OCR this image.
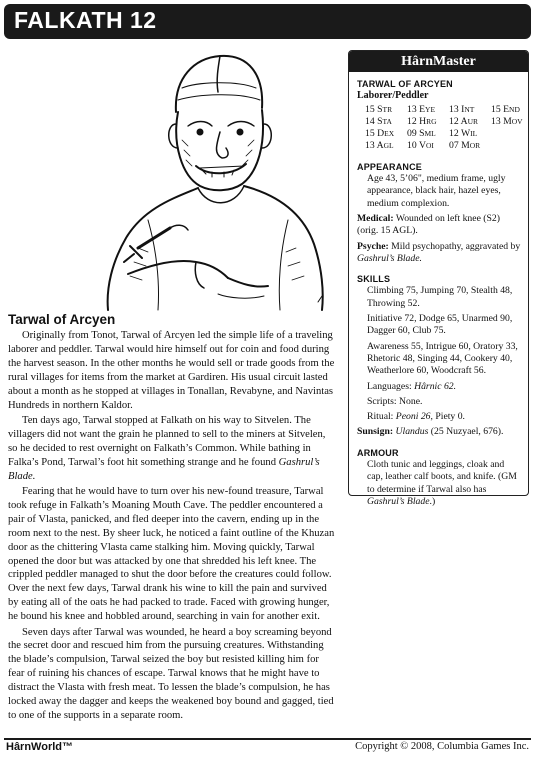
FALKATH 12
Tarwal of Arcyen

Originally from Tonot, Tarwal of Arcyen led the simple life of a traveling laborer and peddler. Tarwal would hire himself out for coin and food during the harvest season. In the other months he would sell or trade goods from the rural villages for items from the market at Gardiren. His usual circuit lasted about a month as he stopped at villages in Tonallan, Revabyne, and Navintas Hundreds in northern Kaldor.

Ten days ago, Tarwal stopped at Falkath on his way to Sitvelen. The villagers did not want the grain he planned to sell to the miners at Sitvelen, so he decided to rest overnight on Falkath’s Common. While bathing in Falka’s Pond, Tarwal’s foot hit something strange and he found Gashrul’s Blade.

Fearing that he would have to turn over his new-found treasure, Tarwal took refuge in Falkath’s Moaning Mouth Cave. The peddler encountered a pair of Vlasta, panicked, and fled deeper into the cavern, ending up in the room next to the nest. By sheer luck, he noticed a faint outline of the Khuzan door as the chittering Vlasta came stalking him. Moving quickly, Tarwal opened the door but was attacked by one that shredded his left knee. The crippled peddler managed to shut the door before the creatures could follow. Over the next few days, Tarwal drank his wine to kill the pain and survived by eating all of the oats he had packed to trade. Faced with growing hunger, he bound his knee and hobbled around, searching in vain for another exit.

Seven days after Tarwal was wounded, he heard a boy screaming beyond the secret door and rescued him from the pursuing creatures. Withstanding the blade’s compulsion, Tarwal seized the boy but resisted killing him for fear of ruining his chances of escape. Tarwal knows that he might have to distract the Vlasta with fresh meat. To lessen the blade’s compulsion, he has locked away the dagger and keeps the weakened boy bound and gagged, tied to one of the supports in a separate room.

HârnMaster
TARWAL OF ARCYEN
Laborer/Peddler
15 STR	13 EYE	13 INT	15 END
14 STA	12 HRG	12 AUR	13 MOV
15 DEX	09 SML	12 WIL
13 AGL	10 VOI	07 MOR
APPEARANCE
Age 43, 5’06", medium frame, ugly appearance, black hair, hazel eyes, medium complexion.
Medical: Wounded on left knee (S2) (orig. 15 AGL).
Psyche: Mild psychopathy, aggravated by Gashrul’s Blade.
SKILLS
Climbing 75, Jumping 70, Stealth 48, Throwing 52.
Initiative 72, Dodge 65, Unarmed 90, Dagger 60, Club 75.
Awareness 55, Intrigue 60, Oratory 33, Rhetoric 48, Singing 44, Cookery 40, Weatherlore 60, Woodcraft 56.
Languages: Hârnic 62.
Scripts: None.
Ritual: Peoni 26, Piety 0.
Sunsign: Ulandus (25 Nuzyael, 676).
ARMOUR
Cloth tunic and leggings, cloak and cap, leather calf boots, and knife. (GM to determine if Tarwal also has Gashrul’s Blade.)
HârnWorld™	Copyright © 2008, Columbia Games Inc.
